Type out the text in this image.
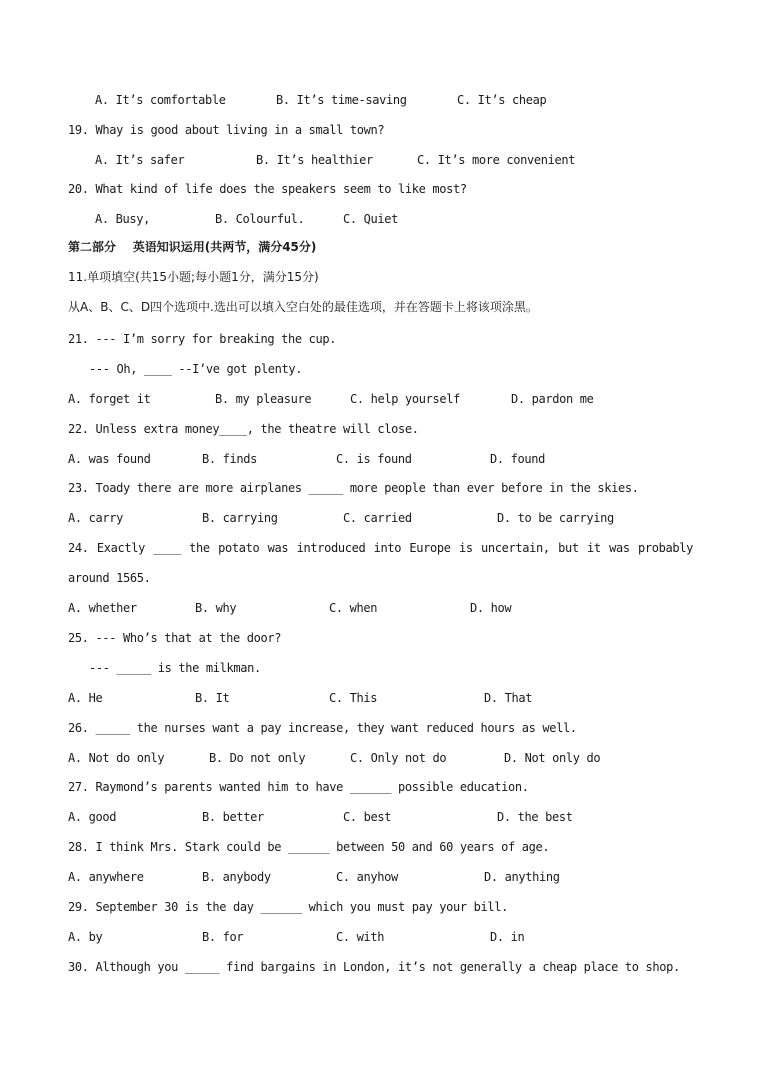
A. It’s comfortable	B. It’s time-saving	C. It’s cheap
19. Whay is good about living in a small town?
A. It’s safer	B. It’s healthier	C. It’s more convenient
20. What kind of life does the speakers seem to like most?
A. Busy,	B. Colourful.	C. Quiet
第二部分    英语知识运用(共两节，满分45分)
11.单项填空(共15小题;每小题1分，满分15分)
从A、B、C、D四个选项中.选出可以填入空白处的最佳选项，并在答题卡上将该项涂黑。
21. --- I’m sorry for breaking the cup.
--- Oh, ____ --I’ve got plenty.
A. forget it	B. my pleasure	C. help yourself	D. pardon me
22. Unless extra money____, the theatre will close.
A. was found	B. finds	C. is found	D. found
23. Toady there are more airplanes _____ more people than ever before in the skies.
A. carry	B. carrying	C. carried	D. to be carrying
24. Exactly ____ the potato was introduced into Europe is uncertain, but it was probably
around 1565.
A. whether	B. why	C. when	D. how
25. --- Who’s that at the door?
--- _____ is the milkman.
A. He	B. It	C. This	D. That
26. _____ the nurses want a pay increase, they want reduced hours as well.
A. Not do only	B. Do not only	C. Only not do	D. Not only do
27. Raymond’s parents wanted him to have ______ possible education.
A. good	B. better	C. best	D. the best
28. I think Mrs. Stark could be ______ between 50 and 60 years of age.
A. anywhere	B. anybody	C. anyhow	D. anything
29. September 30 is the day ______ which you must pay your bill.
A. by	B. for	C. with	D. in
30. Although you _____ find bargains in London, it’s not generally a cheap place to shop.
